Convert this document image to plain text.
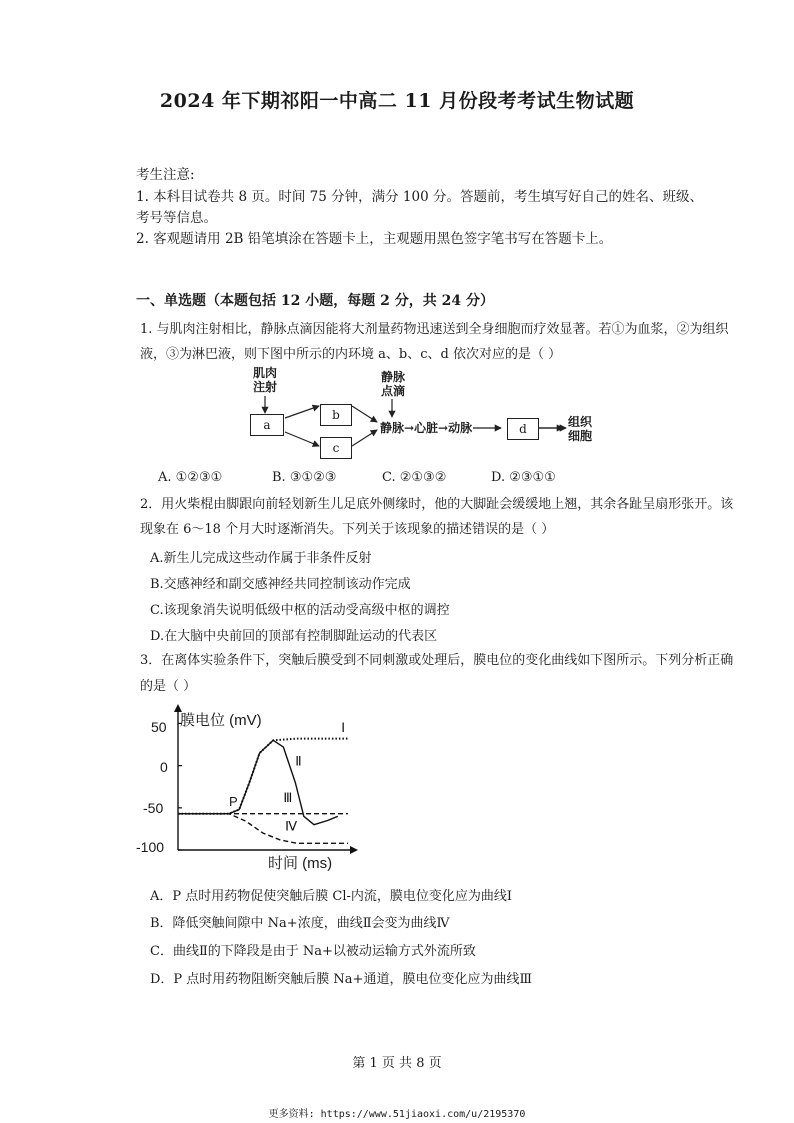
2024 年下期祁阳一中高二 11 月份段考考试生物试题
考生注意:
1. 本科目试卷共 8 页。时间 75 分钟，满分 100 分。答题前，考生填写好自己的姓名、班级、
考号等信息。
2. 客观题请用 2B 铅笔填涂在答题卡上，主观题用黑色签字笔书写在答题卡上。
一、单选题（本题包括 12 小题，每题 2 分，共 24 分）
1. 与肌肉注射相比，静脉点滴因能将大剂量药物迅速送到全身细胞而疗效显著。若①为血浆，②为组织
液，③为淋巴液，则下图中所示的内环境 a、b、c、d 依次对应的是（ ）
肌肉
注射
静脉
点滴
a
b
c
静脉→心脏→动脉	d	组织
细胞
A. ①②③①	B. ③①②③	C. ②①③②	D. ②③①①
2．用火柴棍由脚跟向前轻划新生儿足底外侧缘时，他的大脚趾会缓缓地上翘，其余各趾呈扇形张开。该
现象在 6～18 个月大时逐渐消失。下列关于该现象的描述错误的是（ ）
A.新生儿完成这些动作属于非条件反射
B.交感神经和副交感神经共同控制该动作完成
C.该现象消失说明低级中枢的活动受高级中枢的调控
D.在大脑中央前回的顶部有控制脚趾运动的代表区
3．在离体实验条件下，突触后膜受到不同刺激或处理后，膜电位的变化曲线如下图所示。下列分析正确
的是（ ）
膜电位 (mV)
时间 (ms)
50
0
-50
-100
P
Ⅰ
Ⅱ
Ⅲ
Ⅳ
A．P 点时用药物促使突触后膜 Cl-内流，膜电位变化应为曲线Ⅰ
B．降低突触间隙中 Na+浓度，曲线Ⅱ会变为曲线Ⅳ
C．曲线Ⅱ的下降段是由于 Na+以被动运输方式外流所致
D．P 点时用药物阻断突触后膜 Na+通道，膜电位变化应为曲线Ⅲ
第 1 页 共 8 页
更多资料: https://www.51jiaoxi.com/u/2195370
